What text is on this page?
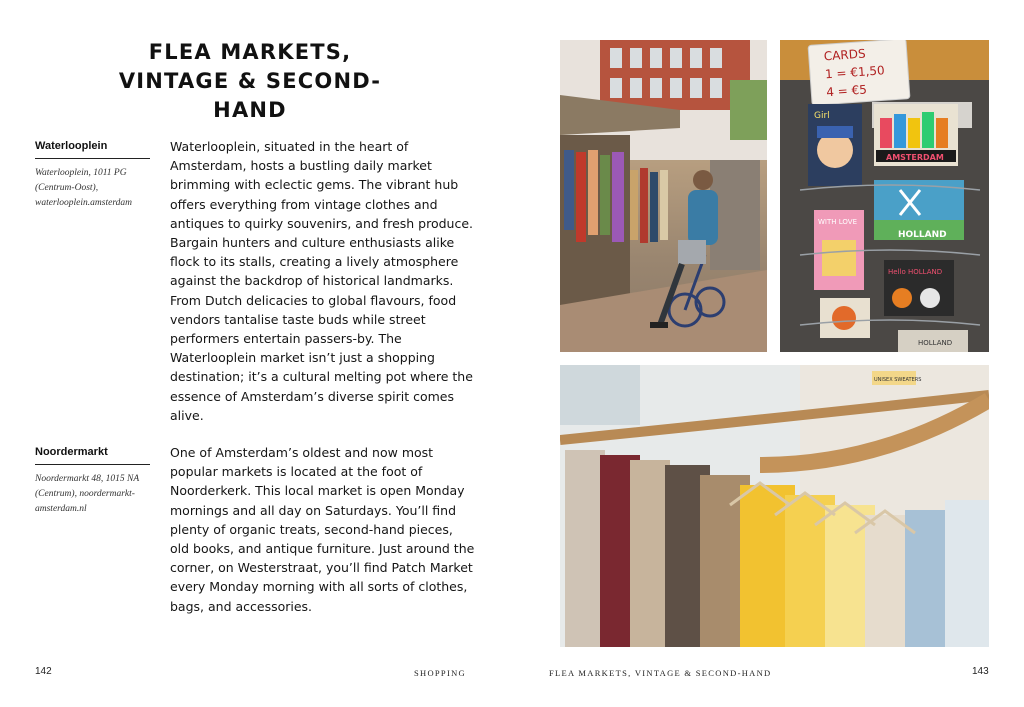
FLEA MARKETS, VINTAGE & SECOND-HAND

Waterlooplein

Waterlooplein, 1011 PG (Centrum-Oost), waterlooplein.amsterdam

Waterlooplein, situated in the heart of Amsterdam, hosts a bustling daily market brimming with eclectic gems. The vibrant hub offers everything from vintage clothes and antiques to quirky souvenirs, and fresh produce. Bargain hunters and culture enthusiasts alike flock to its stalls, creating a lively atmosphere against the backdrop of historical landmarks. From Dutch delicacies to global flavours, food vendors tantalise taste buds while street performers entertain passers-by. The Waterlooplein market isn’t just a shopping destination; it’s a cultural melting pot where the essence of Amsterdam’s diverse spirit comes alive.

Noordermarkt

Noordermarkt 48, 1015 NA (Centrum), noordermarkt-amsterdam.nl

One of Amsterdam’s oldest and now most popular markets is located at the foot of Noorderkerk. This local market is open Monday mornings and all day on Saturdays. You’ll find plenty of organic treats, second-hand pieces, old books, and antique furniture. Just around the corner, on Westerstraat, you’ll find Patch Market every Monday morning with all sorts of clothes, bags, and accessories.

142	SHOPPING
CARDS
1 = €1,50
4 = €5
Girl
AMSTERDAM
HOLLAND
WITH LOVE
Hello HOLLAND
HOLLAND
UNISEX SWEATERS
FLEA MARKETS, VINTAGE & SECOND-HAND	143
